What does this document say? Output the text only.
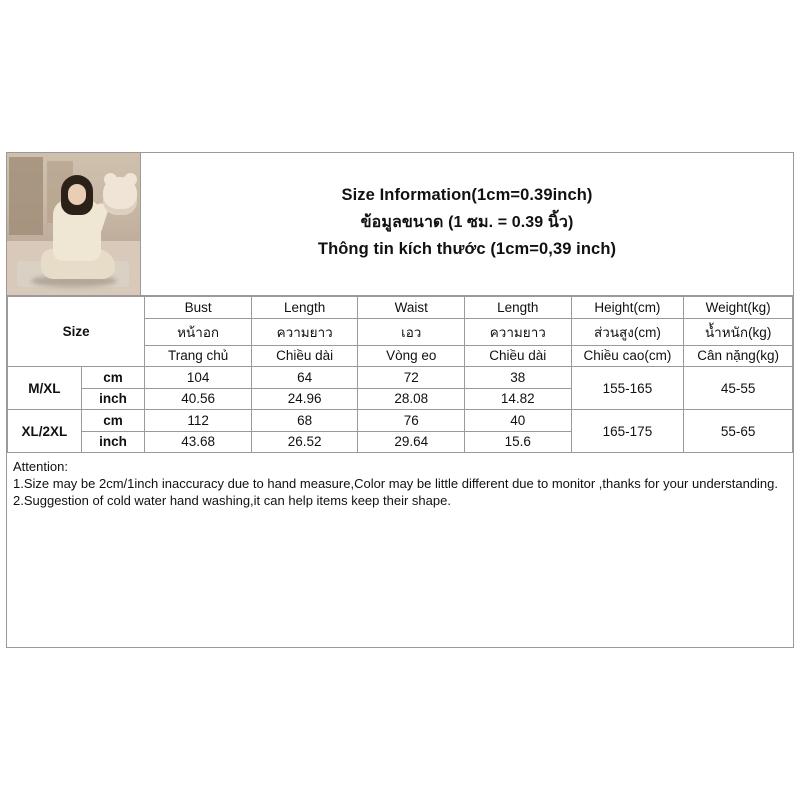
Size Information(1cm=0.39inch)
ข้อมูลขนาด (1 ซม. = 0.39 นิ้ว)
Thông tin kích thước (1cm=0,39 inch)
Size		Bust	Length	Waist	Length	Height(cm)	Weight(kg)
		หน้าอก	ความยาว	เอว	ความยาว	ส่วนสูง(cm)	น้ำหนัก(kg)
		Trang chủ	Chiều dài	Vòng eo	Chiều dài	Chiều cao(cm)	Cân nặng(kg)
M/XL	cm	104	64	72	38	155-165	45-55
	inch	40.56	24.96	28.08	14.82		
XL/2XL	cm	112	68	76	40	165-175	55-65
	inch	43.68	26.52	29.64	15.6		
Attention:
1.Size may be 2cm/1inch inaccuracy due to hand measure,Color may be little different due to monitor ,thanks for your understanding.
2.Suggestion of cold water hand washing,it can help items keep their shape.
